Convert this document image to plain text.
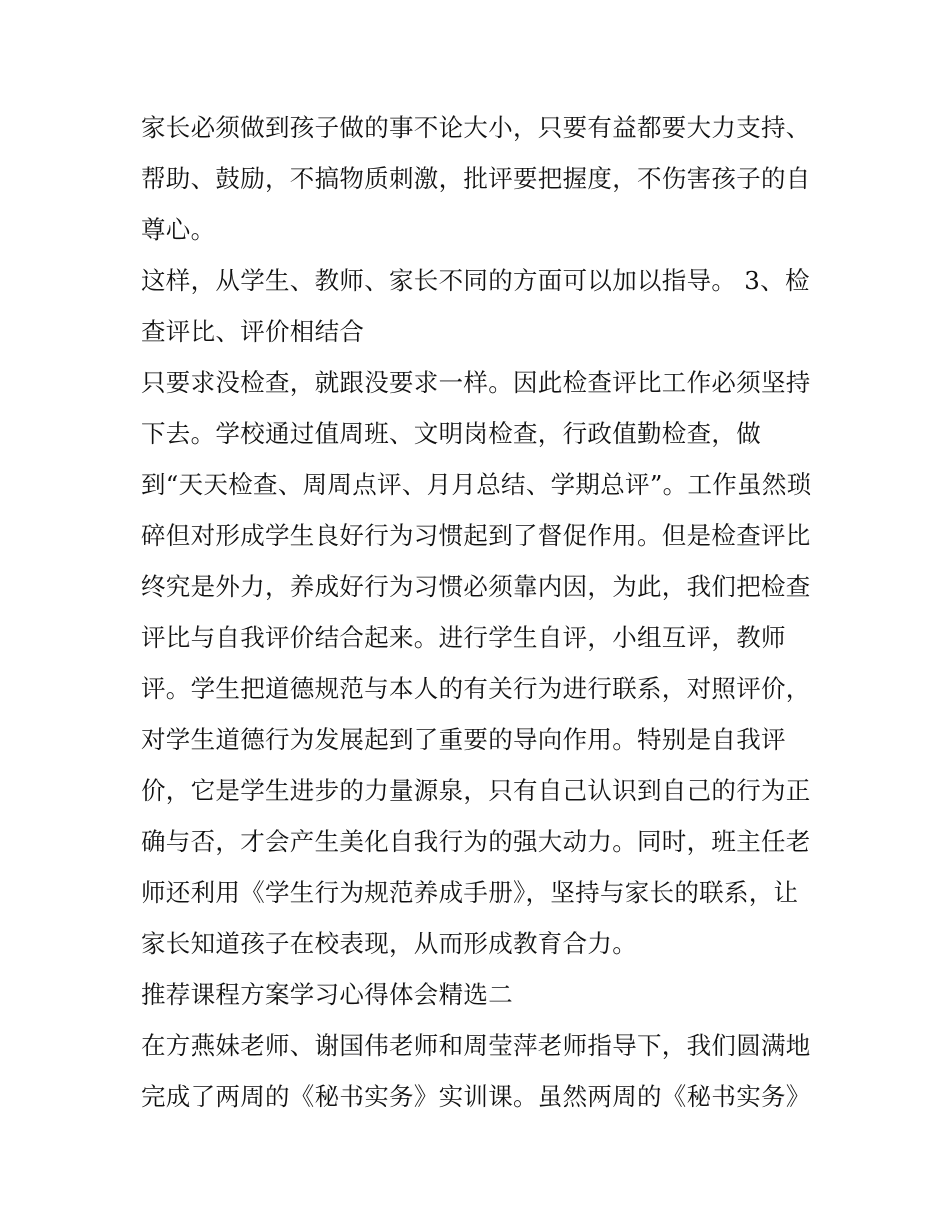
家长必须做到孩子做的事不论大小，只要有益都要大力支持、
帮助、鼓励，不搞物质刺激，批评要把握度，不伤害孩子的自
尊心。
这样，从学生、教师、家长不同的方面可以加以指导。 3、检
查评比、评价相结合
只要求没检查，就跟没要求一样。因此检查评比工作必须坚持
下去。学校通过值周班、文明岗检查，行政值勤检查，做
到“天天检查、周周点评、月月总结、学期总评”。工作虽然琐
碎但对形成学生良好行为习惯起到了督促作用。但是检查评比
终究是外力，养成好行为习惯必须靠内因，为此，我们把检查
评比与自我评价结合起来。进行学生自评，小组互评，教师
评。学生把道德规范与本人的有关行为进行联系，对照评价，
对学生道德行为发展起到了重要的导向作用。特别是自我评
价，它是学生进步的力量源泉，只有自己认识到自己的行为正
确与否，才会产生美化自我行为的强大动力。同时，班主任老
师还利用《学生行为规范养成手册》，坚持与家长的联系，让
家长知道孩子在校表现，从而形成教育合力。
推荐课程方案学习心得体会精选二
在方燕妹老师、谢国伟老师和周莹萍老师指导下，我们圆满地
完成了两周的《秘书实务》实训课。虽然两周的《秘书实务》
